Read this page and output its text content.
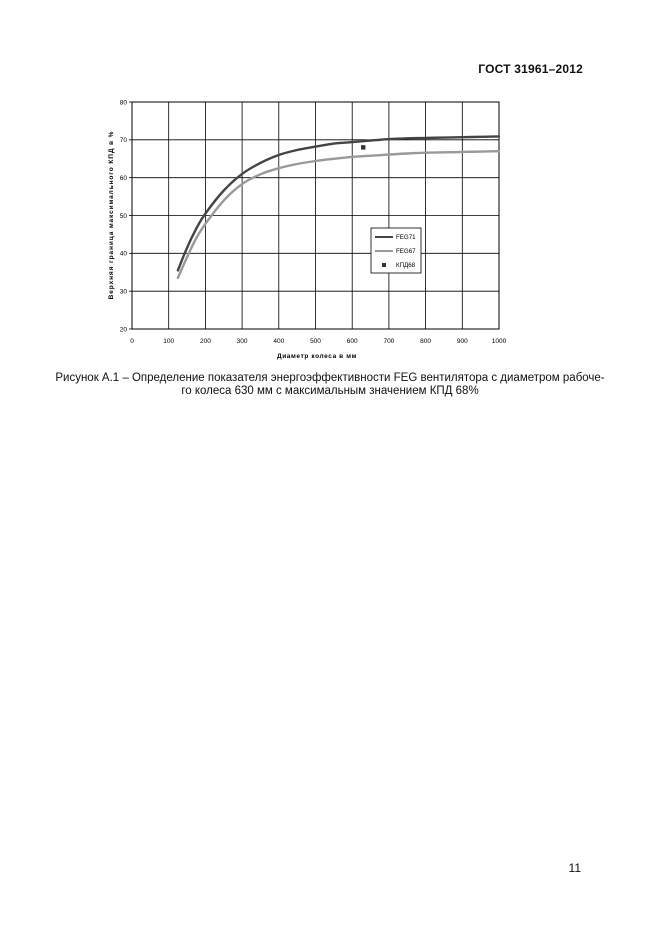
ГОСТ 31961–2012
0	100	200	300	400	500	600	700	800	900	1000
20
30
40
50
60
70
80
Диаметр колеса в мм
Верхняя граница максимального КПД в %	FEG71
FEG67
КПД68
Рисунок А.1 – Определение показателя энергоэффективности FEG вентилятора с диаметром рабоче-
го колеса 630 мм с максимальным значением КПД 68%
11
